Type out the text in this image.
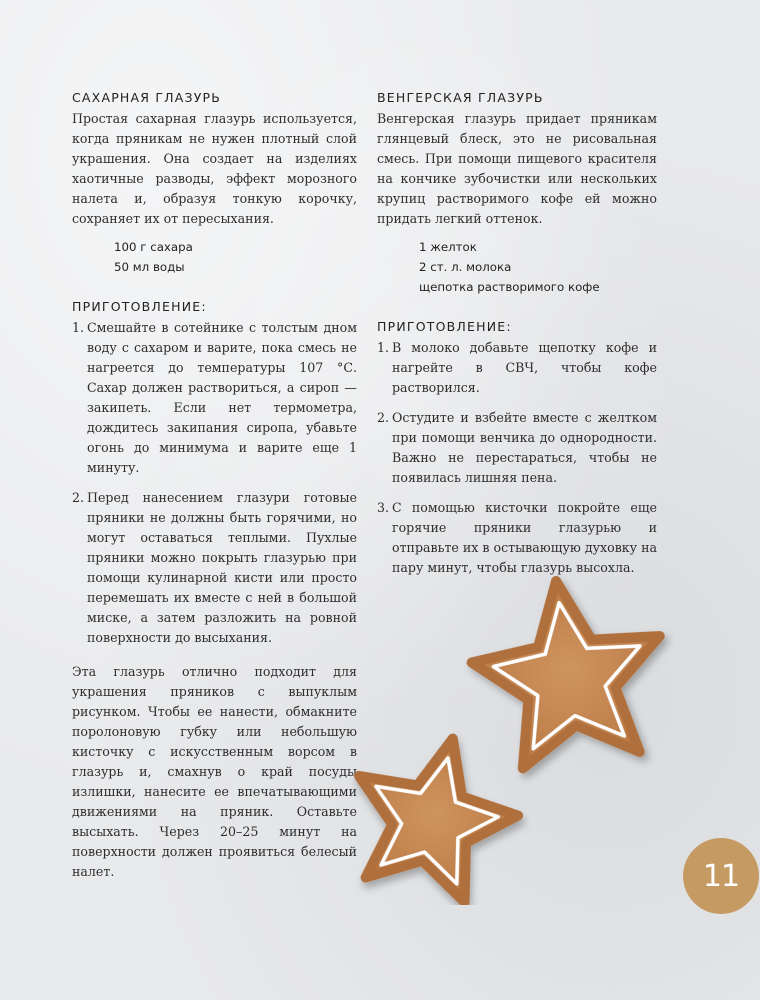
САХАРНАЯ ГЛАЗУРЬ

Простая сахарная глазурь используется, когда пряникам не нужен плотный слой украшения. Она создает на изделиях хаотичные разводы, эффект морозного налета и, образуя тонкую корочку, сохраняет их от пересыхания.

100 г сахара
50 мл воды
ПРИГОТОВЛЕНИЕ:
1. Смешайте в сотейнике с толстым дном воду с сахаром и варите, пока смесь не нагреется до температуры 107 °С. Сахар должен раствориться, а сироп — закипеть. Если нет термометра, дождитесь закипания сиропа, убавьте огонь до минимума и варите еще 1 минуту.

2. Перед нанесением глазури готовые пряники не должны быть горячими, но могут оставаться теплыми. Пухлые пряники можно покрыть глазурью при помощи кулинарной кисти или просто перемешать их вместе с ней в большой миске, а затем разложить на ровной поверхности до высыхания.

Эта глазурь отлично подходит для украшения пряников с выпуклым рисунком. Чтобы ее нанести, обмакните поролоновую губку или небольшую кисточку с искусственным ворсом в глазурь и, смахнув о край посуды излишки, нанесите ее впечатывающими движениями на пряник. Оставьте высыхать. Через 20–25 минут на поверхности должен проявиться белесый налет.

ВЕНГЕРСКАЯ ГЛАЗУРЬ

Венгерская глазурь придает пряникам глянцевый блеск, это не рисовальная смесь. При помощи пищевого красителя на кончике зубочистки или нескольких крупиц растворимого кофе ей можно придать легкий оттенок.

1 желток
2 ст. л. молока
щепотка растворимого кофе
ПРИГОТОВЛЕНИЕ:
1. В молоко добавьте щепотку кофе и нагрейте в СВЧ, чтобы кофе растворился.

2. Остудите и взбейте вместе с желтком при помощи венчика до однородности. Важно не перестараться, чтобы не появилась лишняя пена.

3. С помощью кисточки покройте еще горячие пряники глазурью и отправьте их в остывающую духовку на пару минут, чтобы глазурь высохла.

11
